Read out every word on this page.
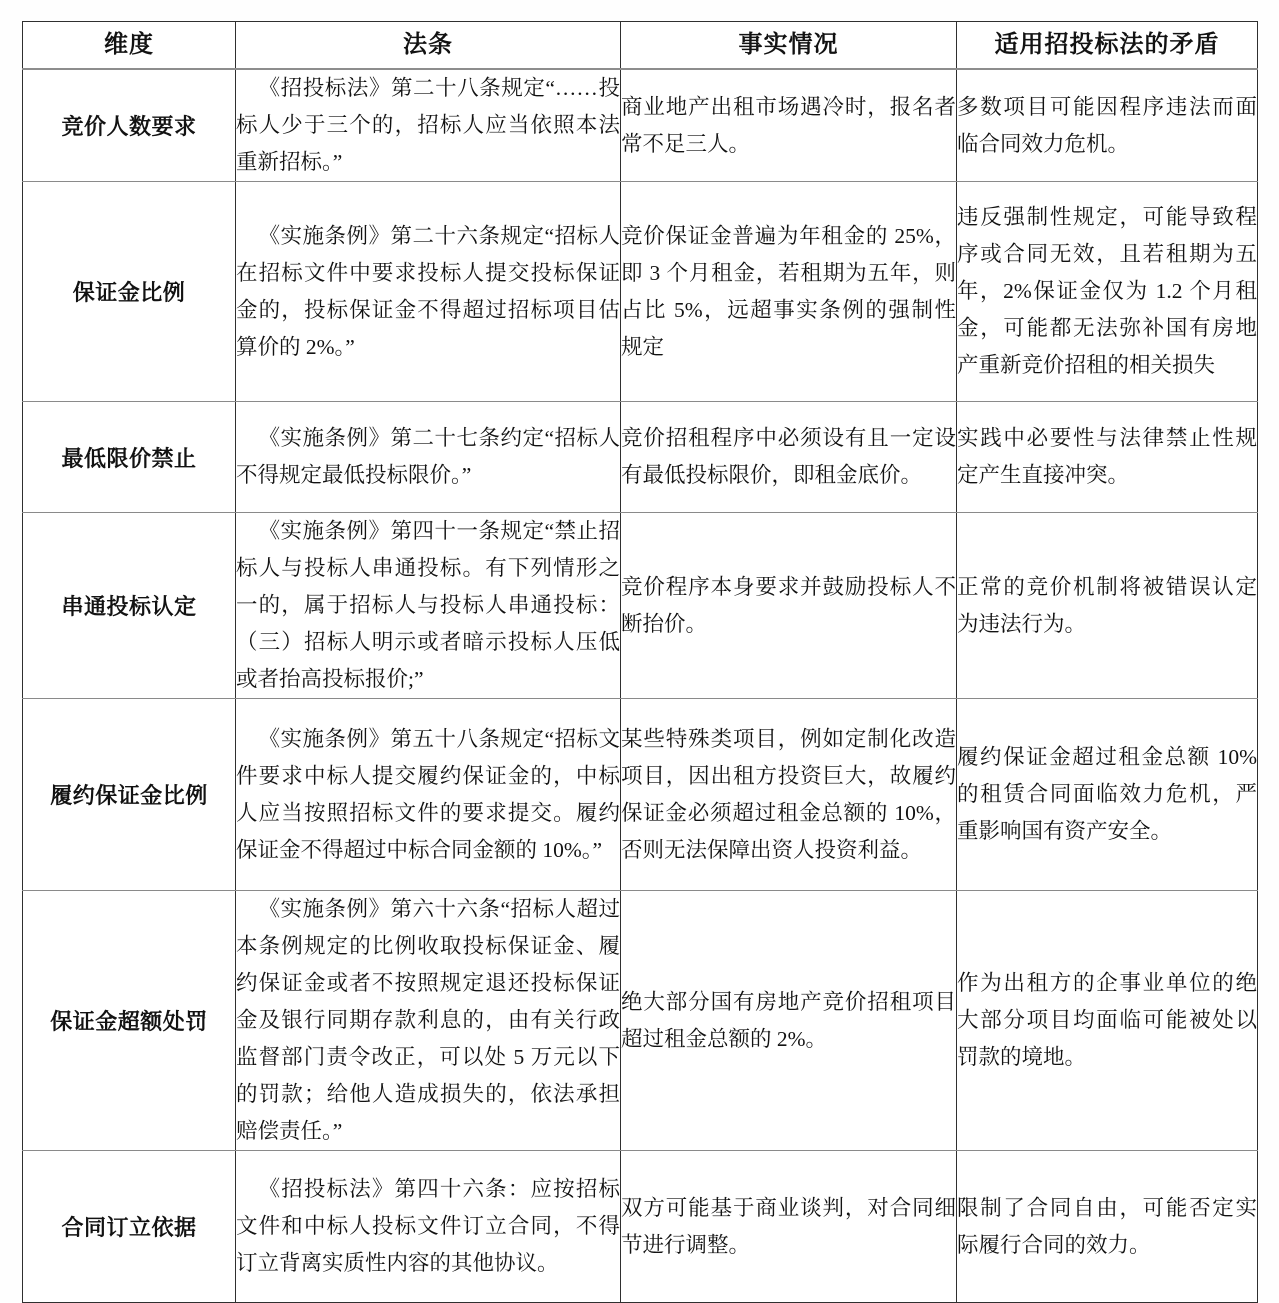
维度	法条	事实情况	适用招投标法的矛盾
竞价人数要求	《招投标法》第二十八条规定“……投标人少于三个的，招标人应当依照本法重新招标。”	商业地产出租市场遇冷时，报名者常不足三人。	多数项目可能因程序违法而面临合同效力危机。

保证金比例	《实施条例》第二十六条规定“招标人在招标文件中要求投标人提交投标保证金的，投标保证金不得超过招标项目估算价的 2%。”	竞价保证金普遍为年租金的 25%，即 3 个月租金，若租期为五年，则占比 5%，远超事实条例的强制性规定	违反强制性规定，可能导致程序或合同无效，且若租期为五年，2%保证金仅为 1.2 个月租金，可能都无法弥补国有房地产重新竞价招租的相关损失

最低限价禁止	《实施条例》第二十七条约定“招标人不得规定最低投标限价。”	竞价招租程序中必须设有且一定设有最低投标限价，即租金底价。	实践中必要性与法律禁止性规定产生直接冲突。

串通投标认定	《实施条例》第四十一条规定“禁止招标人与投标人串通投标。有下列情形之一的，属于招标人与投标人串通投标：（三）招标人明示或者暗示投标人压低或者抬高投标报价;”	竞价程序本身要求并鼓励投标人不断抬价。	正常的竞价机制将被错误认定为违法行为。

履约保证金比例	《实施条例》第五十八条规定“招标文件要求中标人提交履约保证金的，中标人应当按照招标文件的要求提交。履约保证金不得超过中标合同金额的 10%。”	某些特殊类项目，例如定制化改造项目，因出租方投资巨大，故履约保证金必须超过租金总额的 10%，否则无法保障出资人投资利益。	履约保证金超过租金总额 10%的租赁合同面临效力危机，严重影响国有资产安全。

保证金超额处罚	《实施条例》第六十六条“招标人超过本条例规定的比例收取投标保证金、履约保证金或者不按照规定退还投标保证金及银行同期存款利息的，由有关行政监督部门责令改正，可以处 5 万元以下的罚款；给他人造成损失的，依法承担赔偿责任。”	绝大部分国有房地产竞价招租项目超过租金总额的 2%。	作为出租方的企事业单位的绝大部分项目均面临可能被处以罚款的境地。

合同订立依据	《招投标法》第四十六条：应按招标文件和中标人投标文件订立合同，不得订立背离实质性内容的其他协议。	双方可能基于商业谈判，对合同细节进行调整。	限制了合同自由，可能否定实际履行合同的效力。
